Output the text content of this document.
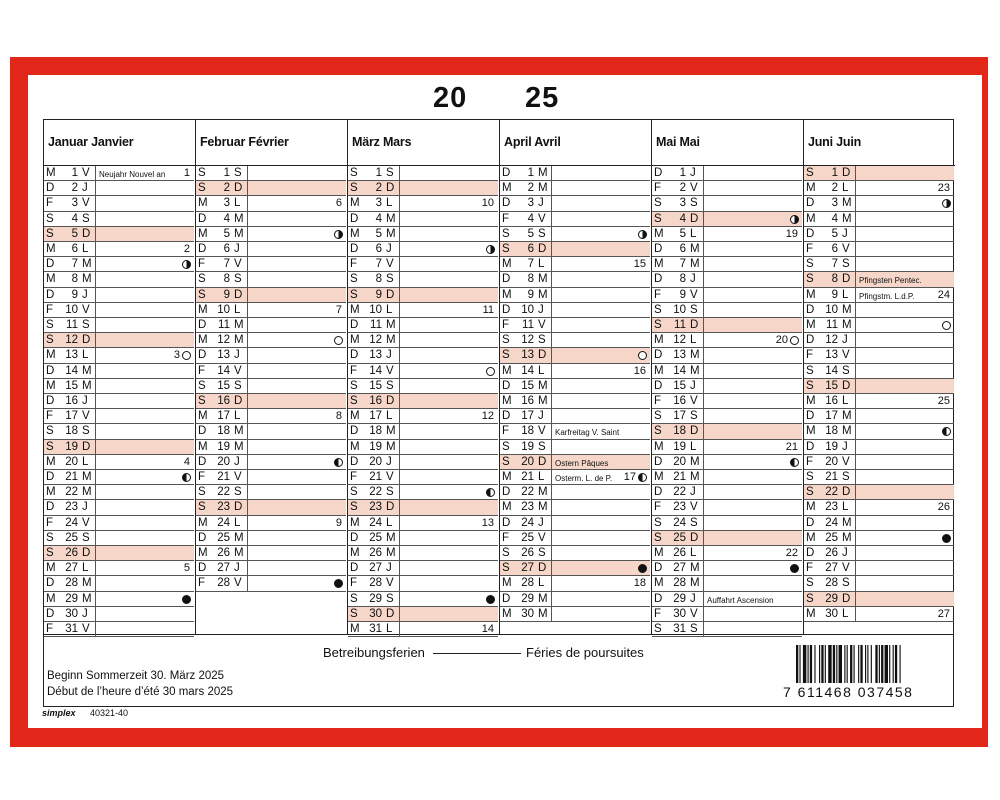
20 25
Januar Janvier
M	1 V Neujahr Nouvel an 1
D	2 J
F	3 V
S	4 S
S	5 D
M	6 L	2
D	7 M
M	8 M
D	9 J
F	10 V
S	11 S
S	12 D
M 13 L	3
D 14 M
M 15 M
D 16 J
F	17 V
S	18 S
S	19 D
M 20 L	4
D 21 M
M 22 M
D 23 J
F	24 V
S	25 S
S	26 D
M 27 L	5
D 28 M
M 29 M
D 30 J
F	31 V
Februar Février
S	1 S
S	2 D
M	3 L	6
D	4 M
M	5 M
D	6 J
F	7 V
S	8 S
S	9 D
M 10 L	7
D	11 M
M 12 M
D 13 J
F	14 V
S	15 S
S	16 D
M 17 L	8
D 18 M
M 19 M
D 20 J
F	21 V
S	22 S
S	23 D
M 24 L	9
D 25 M
M 26 M
D 27 J
F	28 V
März Mars
S	1 S
S	2 D
M	3 L	10
D	4 M
M	5 M
D	6 J
F	7 V
S	8 S
S	9 D
M 10 L	11
D	11 M
M 12 M
D 13 J
F	14 V
S	15 S
S	16 D
M 17 L	12
D 18 M
M 19 M
D 20 J
F	21 V
S	22 S
S	23 D
M 24 L	13
D 25 M
M 26 M
D 27 J
F	28 V
S	29 S
S	30 D
M 31 L	14
April Avril
D	1 M
M	2 M
D	3 J
F	4 V
S	5 S
S	6 D
M	7 L	15
D	8 M
M	9 M
D 10 J
F	11 V
S	12 S
S	13 D
M 14 L	16
D 15 M
M 16 M
D 17 J
F	18 V Karfreitag V. Saint
S	19 S
S	20 D Ostern Pâques
M 21 L Osterm. L. de P. 17
D 22 M
M 23 M
D 24 J
F	25 V
S	26 S
S	27 D
M 28 L	18
D 29 M
M 30 M
Mai Mai
D	1 J
F	2 V
S	3 S
S	4 D
M	5 L	19
D	6 M
M	7 M
D	8 J
F	9 V
S	10 S
S	11 D
M 12 L	20
D 13 M
M 14 M
D 15 J
F	16 V
S	17 S
S	18 D
M 19 L	21
D 20 M
M 21 M
D 22 J
F	23 V
S	24 S
S	25 D
M 26 L	22
D 27 M
M 28 M
D 29 J Auffahrt Ascension
F	30 V
S	31 S
Juni Juin
S	1 D
M	2 L	23
D	3 M
M	4 M
D	5 J
F	6 V
S	7 S
S	8 D Pfingsten Pentec.
M	9 L Pfingstm. L.d.P. 24
D 10 M
M 11 M
D 12 J
F	13 V
S	14 S
S	15 D
M 16 L	25
D 17 M
M 18 M
D 19 J
F	20 V
S	21 S
S	22 D
M 23 L	26
D 24 M
M 25 M
D 26 J
F	27 V
S	28 S
S	29 D
M 30 L	27
Betreibungsferien	Féries de poursuites
Beginn Sommerzeit 30. März 2025
Début de l’heure d’été 30 mars 2025	7 611468 037458
simplex 40321-40
